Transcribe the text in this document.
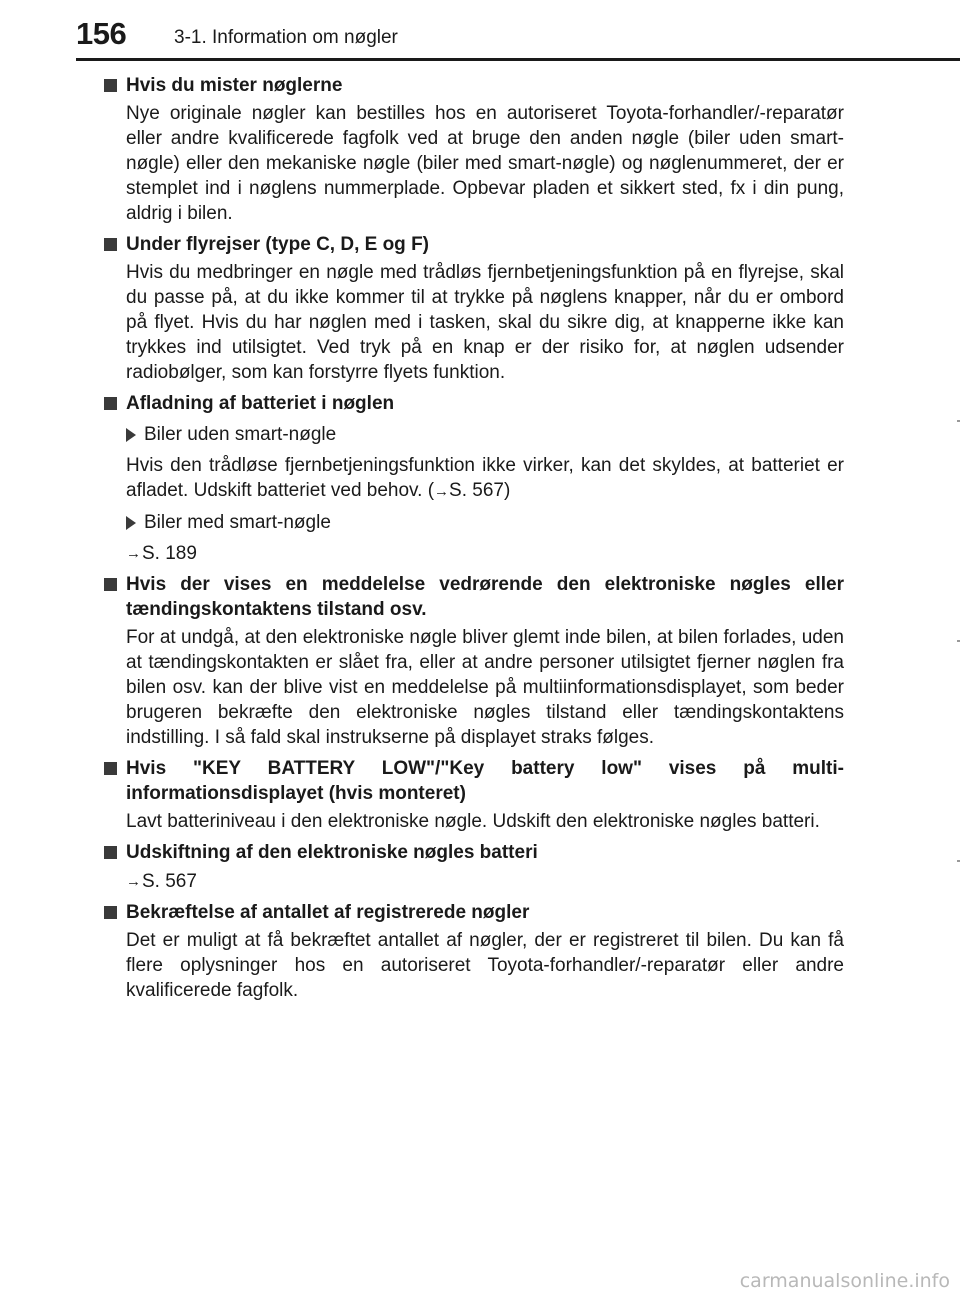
156	3-1. Information om nøgler
Hvis du mister nøglerne
Nye originale nøgler kan bestilles hos en autoriseret Toyota-forhandler/-reparatør eller andre kvalificerede fagfolk ved at bruge den anden nøgle (biler uden smart-nøgle) eller den mekaniske nøgle (biler med smart-nøgle) og nøglenummeret, der er stemplet ind i nøglens nummerplade. Opbevar pladen et sikkert sted, fx i din pung, aldrig i bilen.
Under flyrejser (type C, D, E og F)
Hvis du medbringer en nøgle med trådløs fjernbetjeningsfunktion på en flyrejse, skal du passe på, at du ikke kommer til at trykke på nøglens knapper, når du er ombord på flyet. Hvis du har nøglen med i tasken, skal du sikre dig, at knapperne ikke kan trykkes ind utilsigtet. Ved tryk på en knap er der risiko for, at nøglen udsender radiobølger, som kan forstyrre flyets funktion.
Afladning af batteriet i nøglen
Biler uden smart-nøgle
Hvis den trådløse fjernbetjeningsfunktion ikke virker, kan det skyldes, at batteriet er afladet. Udskift batteriet ved behov. (→S. 567)
Biler med smart-nøgle
→ S. 189
Hvis der vises en meddelelse vedrørende den elektroniske nøgles eller tændingskontaktens tilstand osv.
For at undgå, at den elektroniske nøgle bliver glemt inde bilen, at bilen forlades, uden at tændingskontakten er slået fra, eller at andre personer utilsigtet fjerner nøglen fra bilen osv. kan der blive vist en meddelelse på multiinformationsdisplayet, som beder brugeren bekræfte den elektroniske nøgles tilstand eller tændingskontaktens indstilling. I så fald skal instrukserne på displayet straks følges.
Hvis "KEY BATTERY LOW"/"Key battery low" vises på multi-informationsdisplayet (hvis monteret)
Lavt batteriniveau i den elektroniske nøgle. Udskift den elektroniske nøgles batteri.
Udskiftning af den elektroniske nøgles batteri
→ S. 567
Bekræftelse af antallet af registrerede nøgler
Det er muligt at få bekræftet antallet af nøgler, der er registreret til bilen. Du kan få flere oplysninger hos en autoriseret Toyota-forhandler/-reparatør eller andre kvalificerede fagfolk.
carmanualsonline.info
